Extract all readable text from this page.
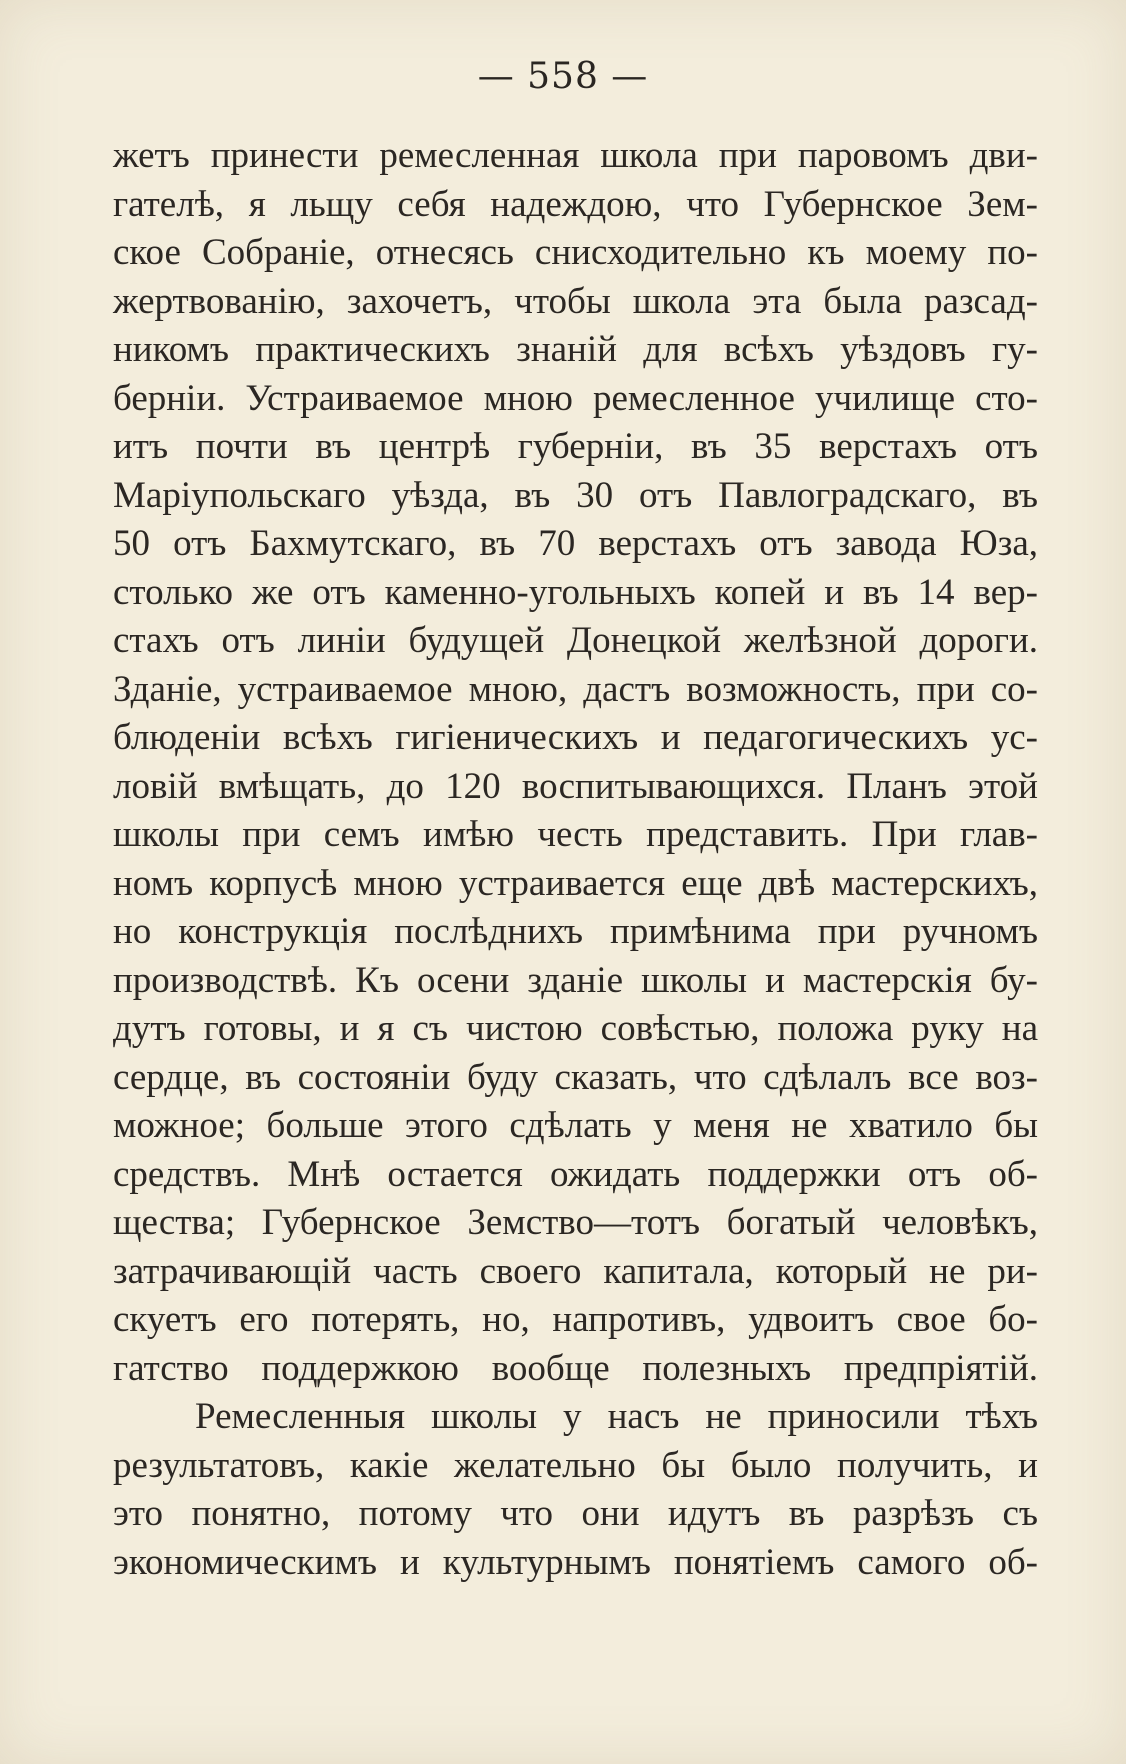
— 558 —
жетъ принести ремесленная школа при паровомъ дви-
гателѣ, я льщу себя надеждою, что Губернское Зем-
ское Собраніе, отнесясь снисходительно къ моему по-
жертвованію, захочетъ, чтобы школа эта была разсад-
никомъ практическихъ знаній для всѣхъ уѣздовъ гу-
берніи. Устраиваемое мною ремесленное училище сто-
итъ почти въ центрѣ губерніи, въ 35 верстахъ отъ
Маріупольскаго уѣзда, въ 30 отъ Павлоградскаго, въ
50 отъ Бахмутскаго, въ 70 верстахъ отъ завода Юза,
столько же отъ каменно-угольныхъ копей и въ 14 вер-
стахъ отъ линіи будущей Донецкой желѣзной дороги.
Зданіе, устраиваемое мною, дастъ возможность, при со-
блюденіи всѣхъ гигіеническихъ и педагогическихъ ус-
ловій вмѣщать, до 120 воспитывающихся. Планъ этой
школы при семъ имѣю честь представить. При глав-
номъ корпусѣ мною устраивается еще двѣ мастерскихъ,
но конструкція послѣднихъ примѣнима при ручномъ
производствѣ. Къ осени зданіе школы и мастерскія бу-
дутъ готовы, и я съ чистою совѣстью, положа руку на
сердце, въ состояніи буду сказать, что сдѣлалъ все воз-
можное; больше этого сдѣлать у меня не хватило бы
средствъ. Мнѣ остается ожидать поддержки отъ об-
щества; Губернское Земство—тотъ богатый человѣкъ,
затрачивающій часть своего капитала, который не ри-
скуетъ его потерять, но, напротивъ, удвоитъ свое бо-
гатство поддержкою вообще полезныхъ предпріятій.
Ремесленныя школы у насъ не приносили тѣхъ
результатовъ, какіе желательно бы было получить, и
это понятно, потому что они идутъ въ разрѣзъ съ
экономическимъ и культурнымъ понятіемъ самого об-
